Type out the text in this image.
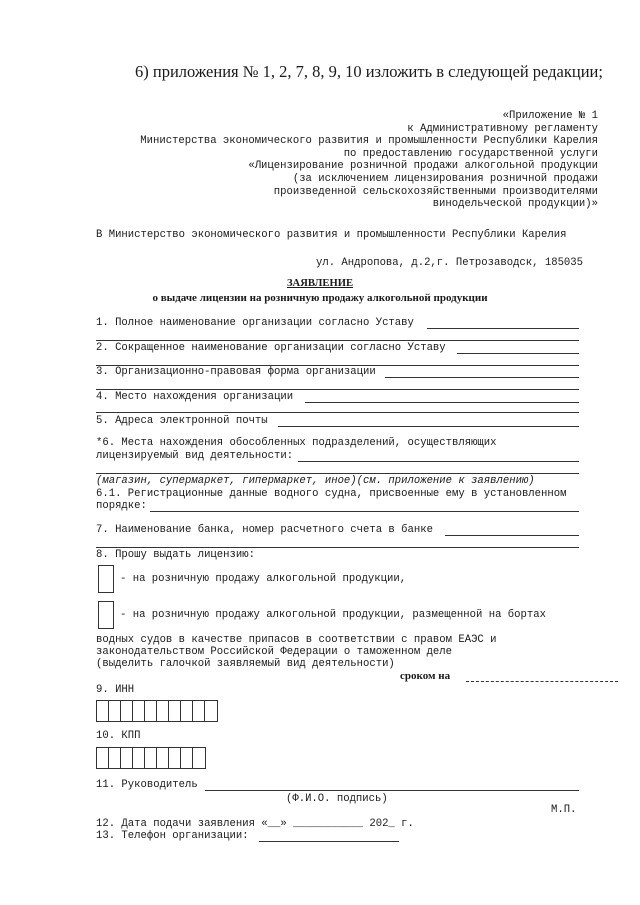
6) приложения № 1, 2, 7, 8, 9, 10 изложить в следующей редакции;
«Приложение № 1
к Административному регламенту
Министерства экономического развития и промышленности Республики Карелия
по предоставлению государственной услуги
«Лицензирование розничной продажи алкогольной продукции
(за исключением лицензирования розничной продажи
произведенной сельскохозяйственными производителями
винодельческой продукции)»
В Министерство экономического развития и промышленности Республики Карелия
ул. Андропова, д.2,г. Петрозаводск, 185035
ЗАЯВЛЕНИЕ
о выдаче лицензии на розничную продажу алкогольной продукции
1. Полное наименование организации согласно Уставу
2. Сокращенное наименование организации согласно Уставу
3. Организационно-правовая форма организации
4. Место нахождения организации
5. Адреса электронной почты
*6. Места нахождения обособленных подразделений, осуществляющих
лицензируемый вид деятельности:
(магазин, супермаркет, гипермаркет, иное)(см. приложение к заявлению)
6.1. Регистрационные данные водного судна, присвоенные ему в установленном
порядке:
7. Наименование банка, номер расчетного счета в банке
8. Прошу выдать лицензию:
- на розничную продажу алкогольной продукции,
- на розничную продажу алкогольной продукции, размещенной на бортах
водных судов в качестве припасов в соответствии с правом ЕАЭС и
законодательством Российской Федерации о таможенном деле
(выделить галочкой заявляемый вид деятельности)
сроком на
9. ИНН
10. КПП
11. Руководитель
(Ф.И.О. подпись)
М.П.
12. Дата подачи заявления «__» ___________ 202_ г.
13. Телефон организации:
